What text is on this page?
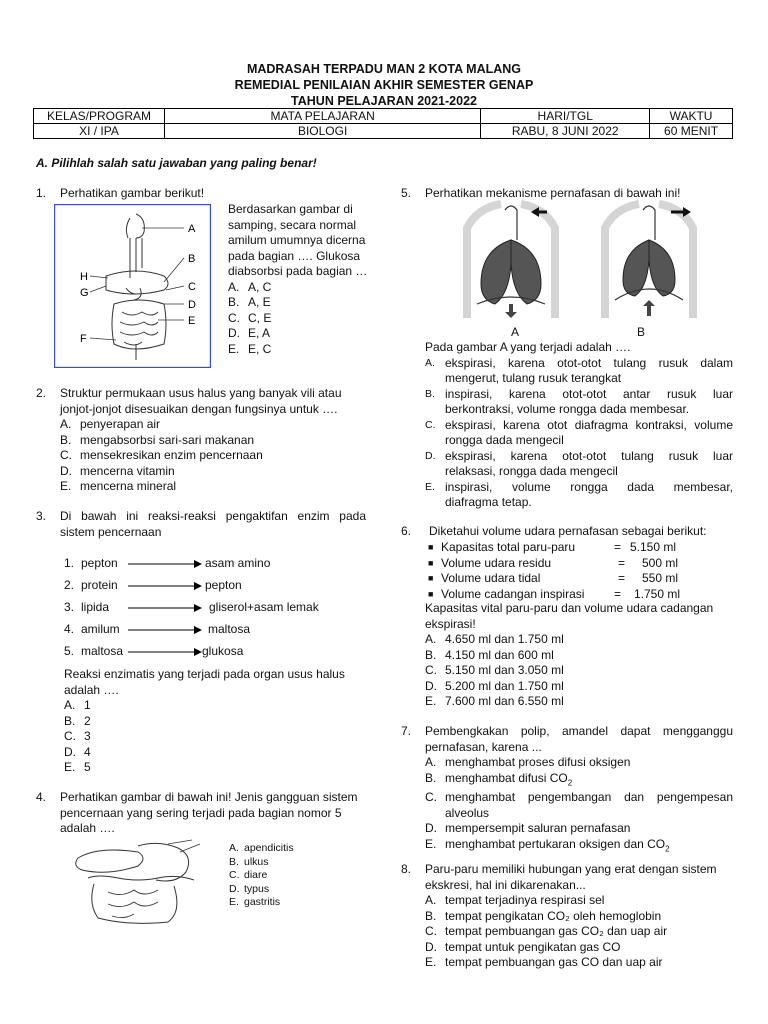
MADRASAH TERPADU MAN 2 KOTA MALANG
REMEDIAL PENILAIAN AKHIR SEMESTER GENAP
TAHUN PELAJARAN 2021-2022
KELAS/PROGRAM	MATA PELAJARAN	HARI/TGL	WAKTU
XI / IPA	BIOLOGI	RABU, 8 JUNI 2022	60 MENIT
A. Pilihlah salah satu jawaban yang paling benar!
1. Perhatikan gambar berikut!
A
B
C
D
E
F
G
H
Berdasarkan gambar di
samping, secara normal
amilum umumnya dicerna
pada bagian …. Glukosa
diabsorbsi pada bagian …
A. A, C
B. A, E
C. C, E
D. E, A
E. E, C
2. Struktur permukaan usus halus yang banyak vili atau
jonjot-jonjot disesuaikan dengan fungsinya untuk ….
A. penyerapan air
B. mengabsorbsi sari-sari makanan
C. mensekresikan enzim pencernaan
D. mencerna vitamin
E. mencerna mineral
3. Di bawah ini reaksi-reaksi pengaktifan enzim pada
sistem pencernaan
1. pepton	asam amino
2. protein	pepton
3. lipida	gliserol+asam lemak
4. amilum	maltosa
5. maltosa	glukosa
Reaksi enzimatis yang terjadi pada organ usus halus
adalah ….
A. 1
B. 2
C. 3
D. 4
E. 5
4. Perhatikan gambar di bawah ini! Jenis gangguan sistem
pencernaan yang sering terjadi pada bagian nomor 5
adalah ….
A. apendicitis
B. ulkus
C. diare
D. typus
E. gastritis
5. Perhatikan mekanisme pernafasan di bawah ini!
A	B
Pada gambar A yang terjadi adalah ….
A. ekspirasi, karena otot-otot tulang rusuk dalam
mengerut, tulang rusuk terangkat
B. inspirasi, karena otot-otot antar rusuk luar
berkontraksi, volume rongga dada membesar.
C. ekspirasi, karena otot diafragma kontraksi, volume
rongga dada mengecil
D. ekspirasi, karena otot-otot tulang rusuk luar
relaksasi, rongga dada mengecil
E. inspirasi, volume rongga dada membesar,
diafragma tetap.
6. Diketahui volume udara pernafasan sebagai berikut:
■ Kapasitas total paru-paru	= 5.150 ml
■ Volume udara residu	= 500 ml
■ Volume udara tidal	= 550 ml
■ Volume cadangan inspirasi = 1.750 ml
Kapasitas vital paru-paru dan volume udara cadangan
ekspirasi!
A. 4.650 ml dan 1.750 ml
B. 4.150 ml dan 600 ml
C. 5.150 ml dan 3.050 ml
D. 5.200 ml dan 1.750 ml
E. 7.600 ml dan 6.550 ml
7. Pembengkakan polip, amandel dapat mengganggu
pernafasan, karena ...
A. menghambat proses difusi oksigen
B. menghambat difusi $CO_2$
C. menghambat pengembangan dan pengempesan
alveolus
D. mempersempit saluran pernafasan
E. menghambat pertukaran oksigen dan $CO_2$
8. Paru-paru memiliki hubungan yang erat dengan sistem
ekskresi, hal ini dikarenakan...
A. tempat terjadinya respirasi sel
B. tempat pengikatan CO₂ oleh hemoglobin
C. tempat pembuangan gas CO₂ dan uap air
D. tempat untuk pengikatan gas CO
E. tempat pembuangan gas CO dan uap air
